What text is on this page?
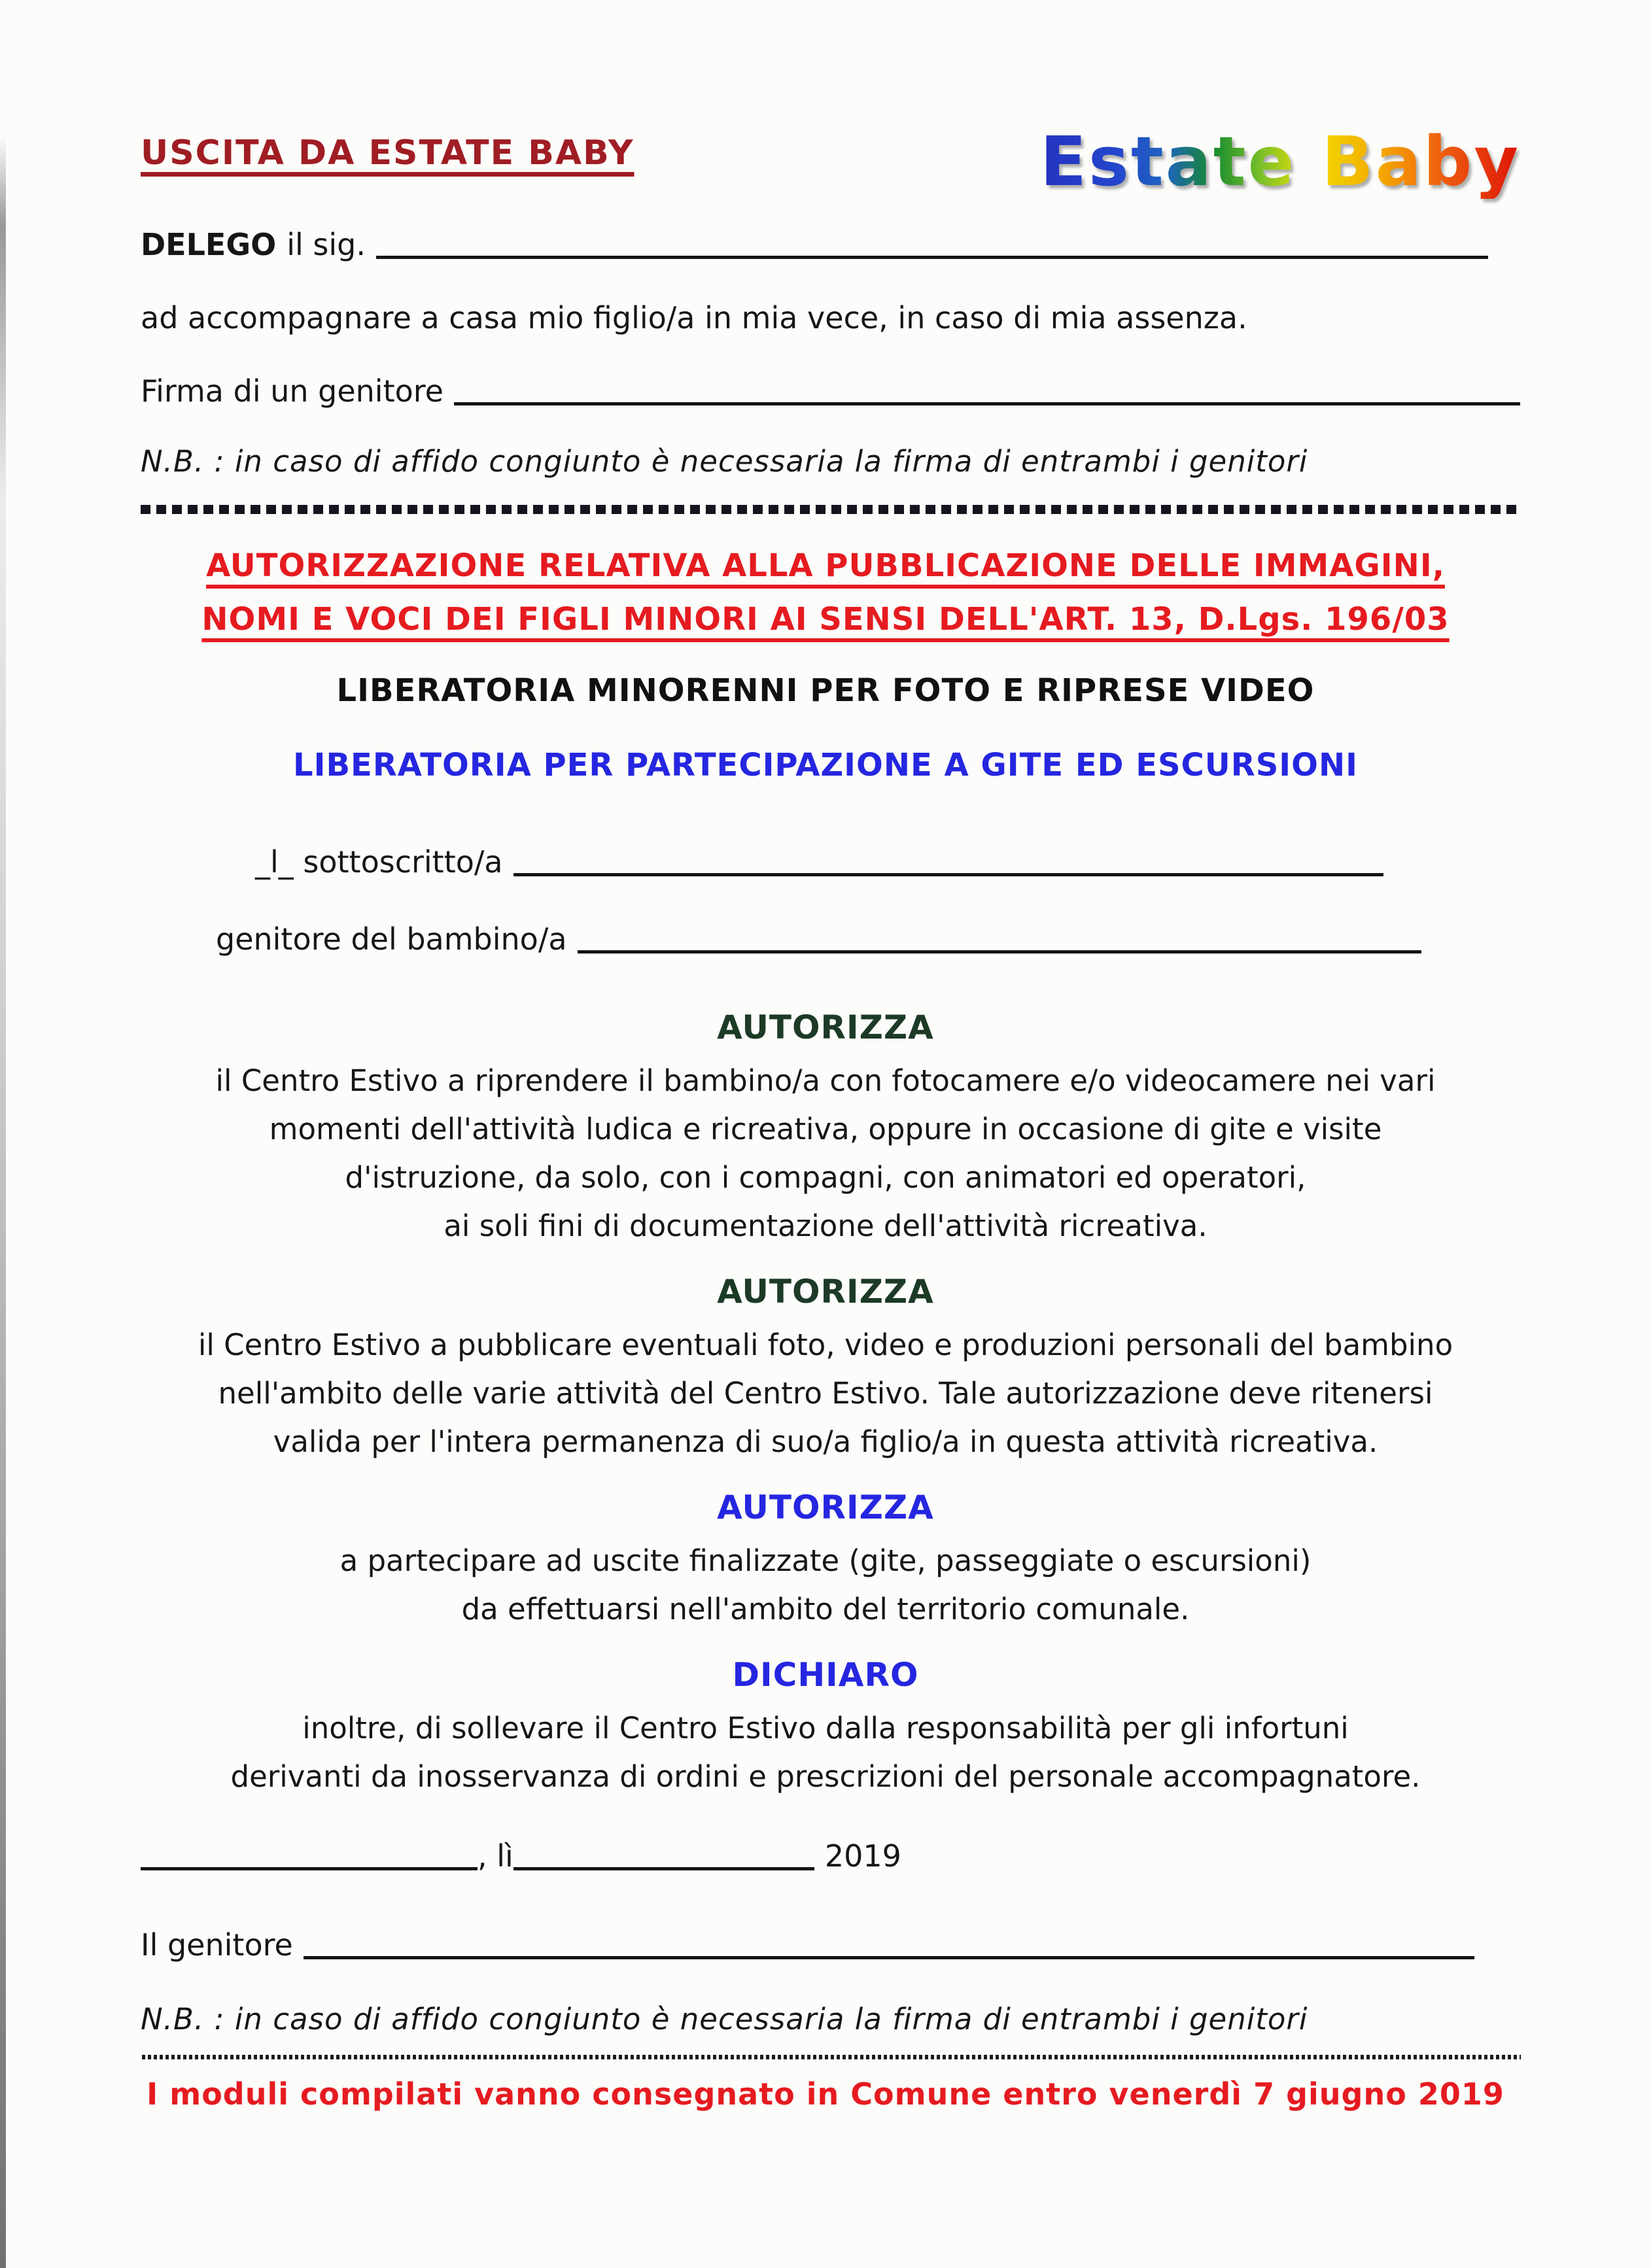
USCITA DA ESTATE BABY	Estate Baby
DELEGO il sig.
ad accompagnare a casa mio figlio/a in mia vece, in caso di mia assenza.
Firma di un genitore
N.B. : in caso di affido congiunto è necessaria la firma di entrambi i genitori
AUTORIZZAZIONE RELATIVA ALLA PUBBLICAZIONE DELLE IMMAGINI,
NOMI E VOCI DEI FIGLI MINORI AI SENSI DELL'ART. 13, D.Lgs. 196/03
LIBERATORIA MINORENNI PER FOTO E RIPRESE VIDEO
LIBERATORIA PER PARTECIPAZIONE A GITE ED ESCURSIONI
_l_ sottoscritto/a
genitore del bambino/a
AUTORIZZA
il Centro Estivo a riprendere il bambino/a con fotocamere e/o videocamere nei vari
momenti dell'attività ludica e ricreativa, oppure in occasione di gite e visite
d'istruzione, da solo, con i compagni, con animatori ed operatori,
ai soli fini di documentazione dell'attività ricreativa.
AUTORIZZA
il Centro Estivo a pubblicare eventuali foto, video e produzioni personali del bambino
nell'ambito delle varie attività del Centro Estivo. Tale autorizzazione deve ritenersi
valida per l'intera permanenza di suo/a figlio/a in questa attività ricreativa.
AUTORIZZA
a partecipare ad uscite finalizzate (gite, passeggiate o escursioni)
da effettuarsi nell'ambito del territorio comunale.
DICHIARO
inoltre, di sollevare il Centro Estivo dalla responsabilità per gli infortuni
derivanti da inosservanza di ordini e prescrizioni del personale accompagnatore.
, lì	2019
Il genitore
N.B. : in caso di affido congiunto è necessaria la firma di entrambi i genitori
I moduli compilati vanno consegnato in Comune entro venerdì 7 giugno 2019
